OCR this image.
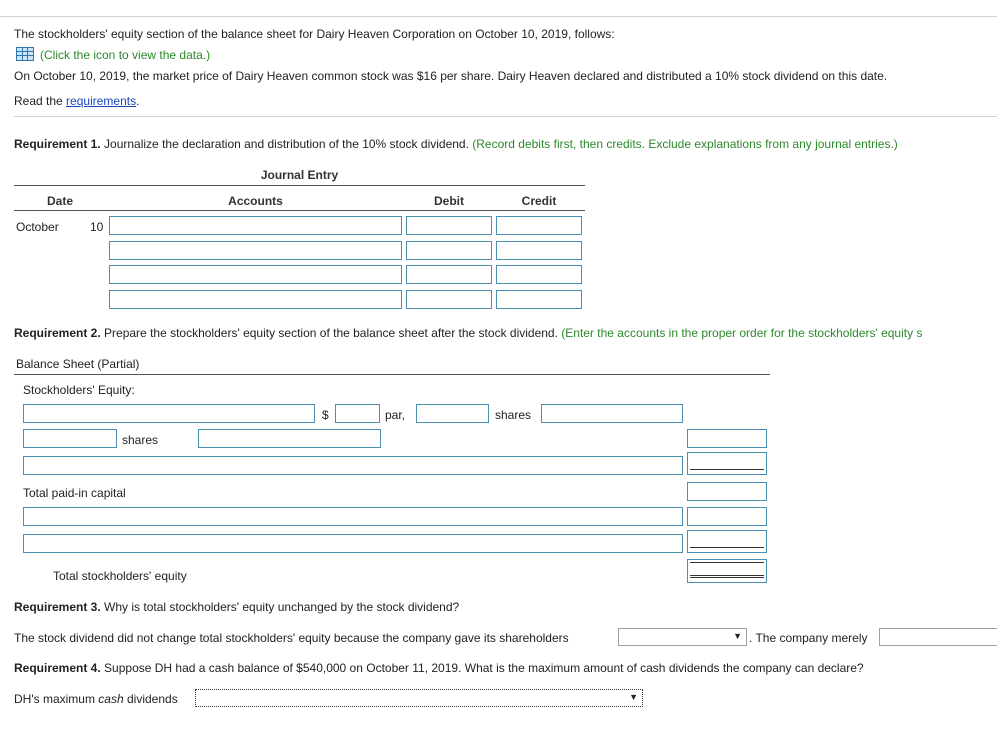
The stockholders' equity section of the balance sheet for Dairy Heaven Corporation on October 10, 2019, follows:
(Click the icon to view the data.)
On October 10, 2019, the market price of Dairy Heaven common stock was $16 per share. Dairy Heaven declared and distributed a 10% stock dividend on this date.
Read the requirements.
Requirement 1. Journalize the declaration and distribution of the 10% stock dividend. (Record debits first, then credits. Exclude explanations from any journal entries.)
Journal Entry
Date	Accounts	Debit	Credit
October	10
Requirement 2. Prepare the stockholders' equity section of the balance sheet after the stock dividend. (Enter the accounts in the proper order for the stockholders' equity s
Balance Sheet (Partial)
Stockholders' Equity:
$	par,	shares
shares
Total paid-in capital
Total stockholders' equity
Requirement 3. Why is total stockholders' equity unchanged by the stock dividend?
The stock dividend did not change total stockholders' equity because the company gave its shareholders	▼ . The company merely
Requirement 4. Suppose DH had a cash balance of $540,000 on October 11, 2019. What is the maximum amount of cash dividends the company can declare?
DH's maximum cash dividends	▼
